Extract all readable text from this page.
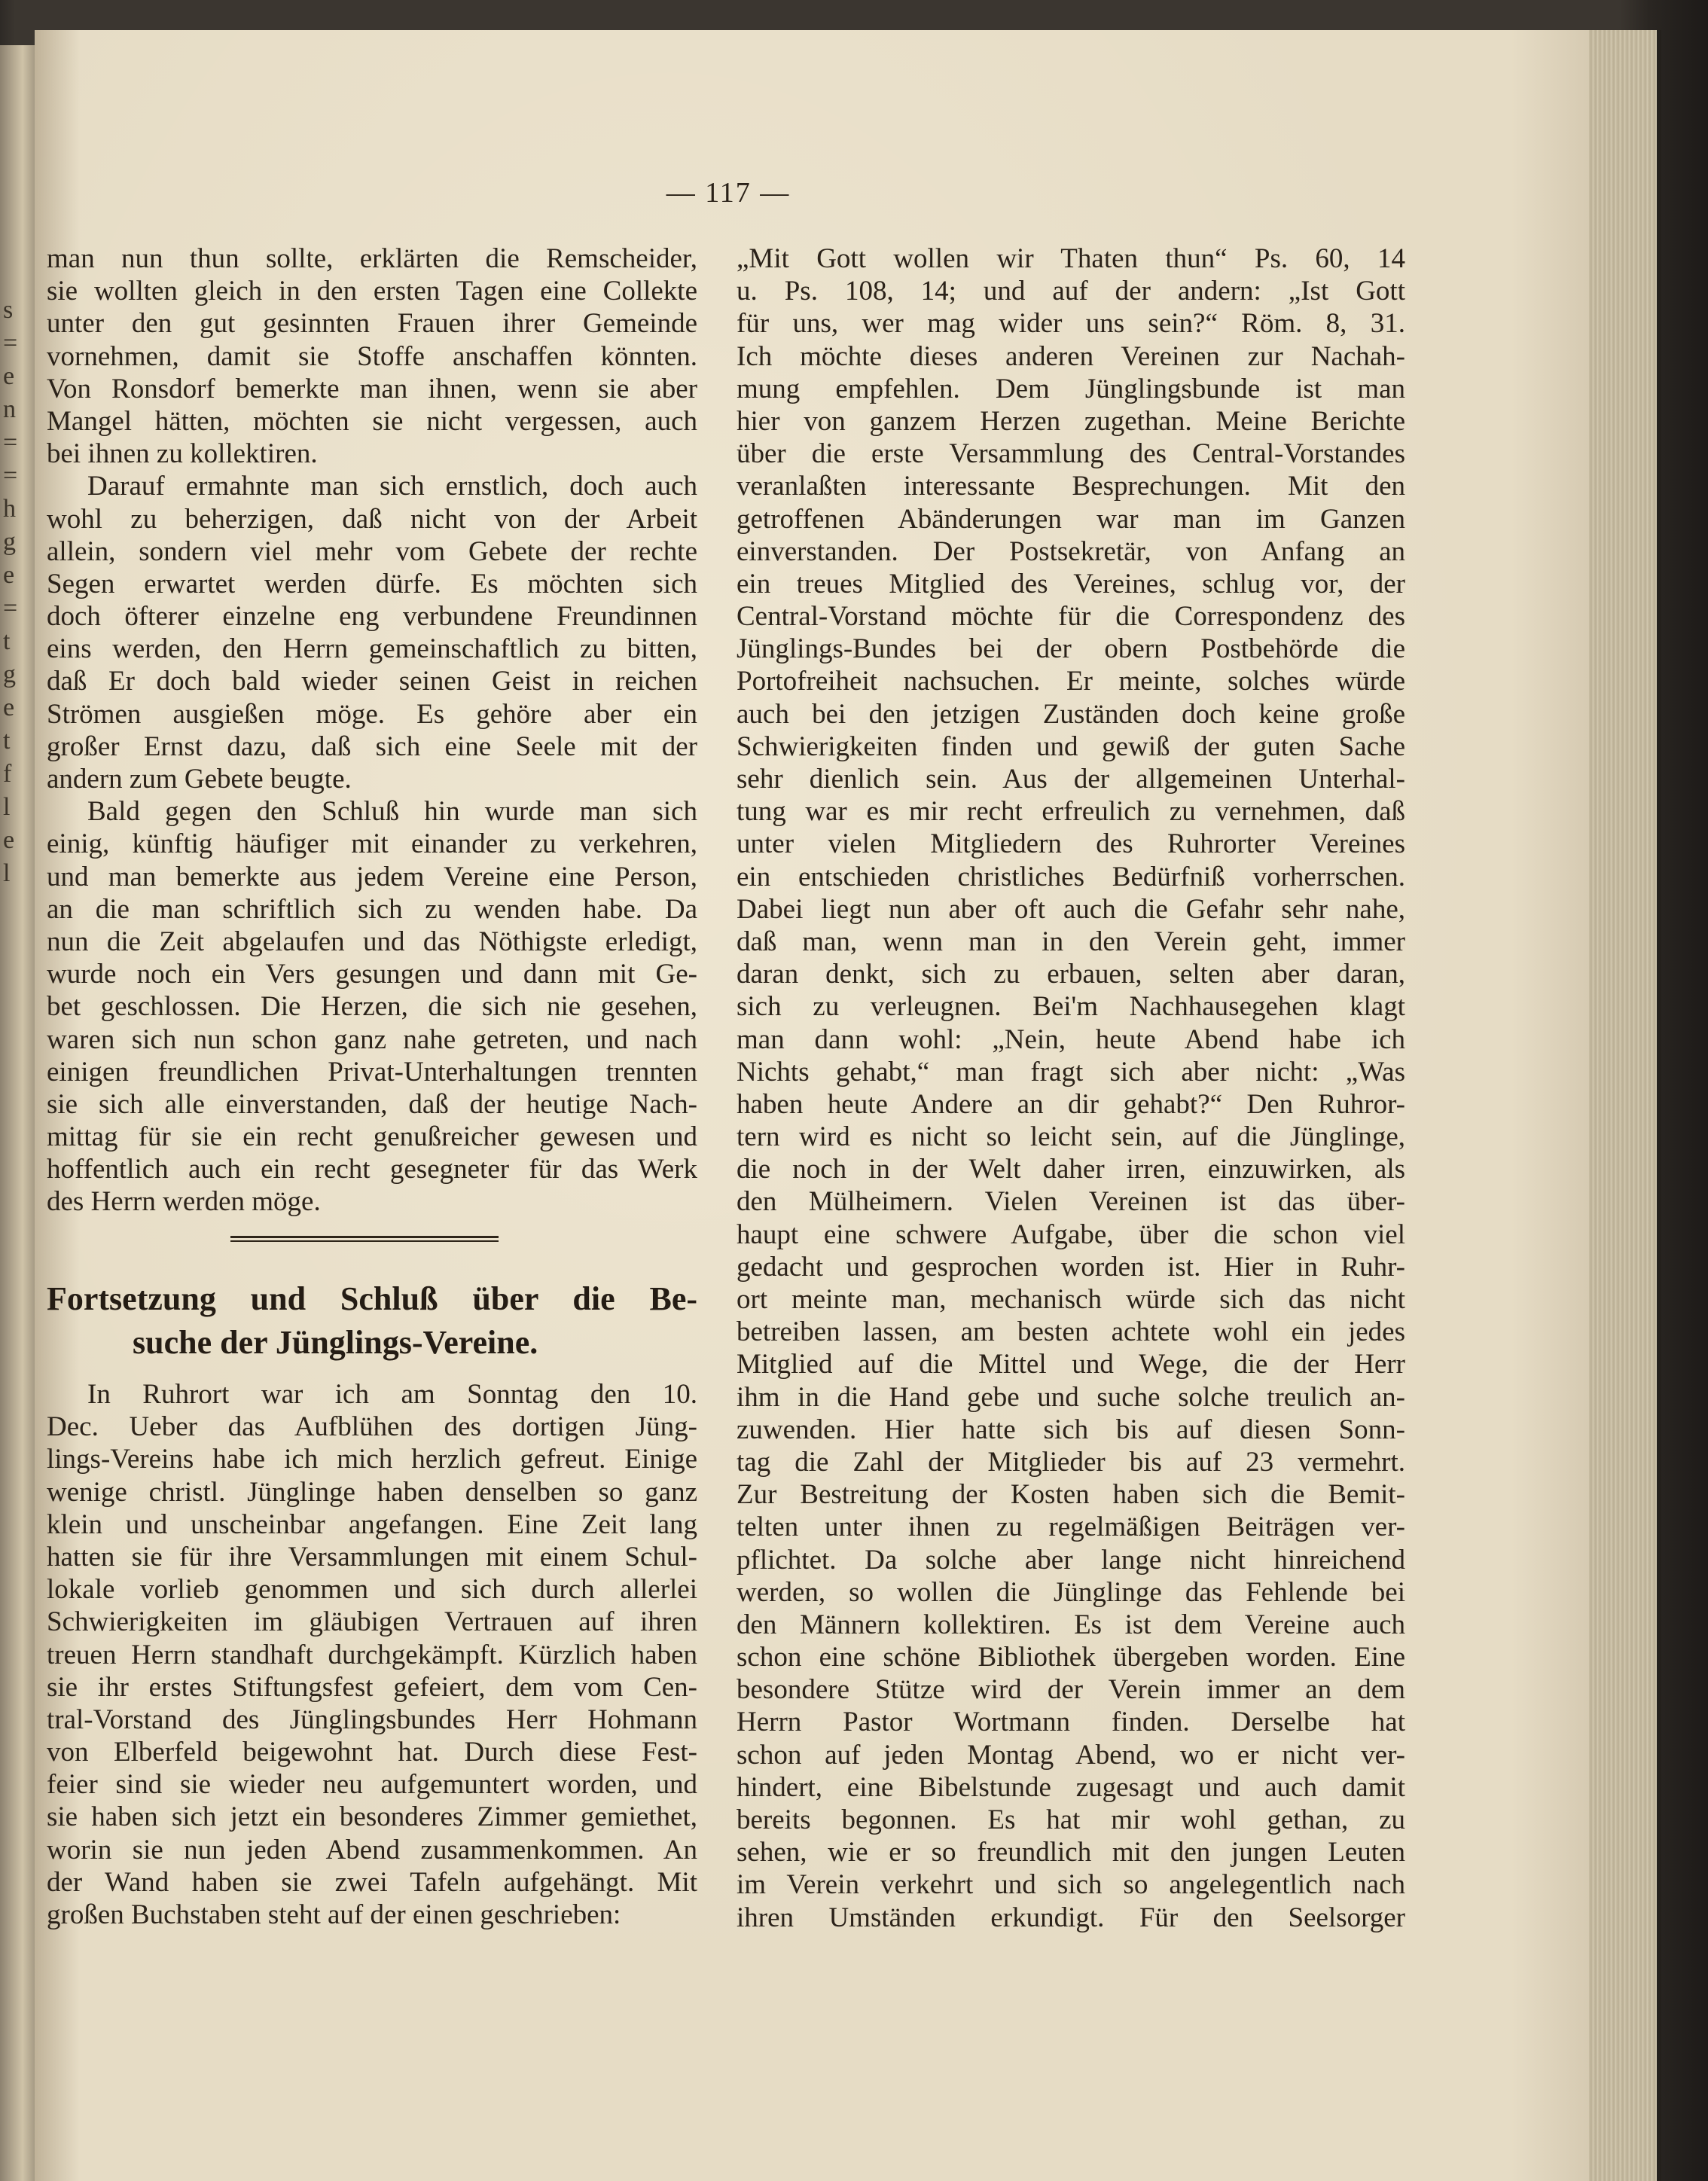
s
=
e
n
=
=
h
g
e
=
t
g
e
t
f
l
e
l
— 117 —
man nun thun sollte, erklärten die Remscheider,
sie wollten gleich in den ersten Tagen eine Collekte
unter den gut gesinnten Frauen ihrer Gemeinde
vornehmen, damit sie Stoffe anschaffen könnten.
Von Ronsdorf bemerkte man ihnen, wenn sie aber
Mangel hätten, möchten sie nicht vergessen, auch
bei ihnen zu kollektiren.
Darauf ermahnte man sich ernstlich, doch auch
wohl zu beherzigen, daß nicht von der Arbeit
allein, sondern viel mehr vom Gebete der rechte
Segen erwartet werden dürfe. Es möchten sich
doch öfterer einzelne eng verbundene Freundinnen
eins werden, den Herrn gemeinschaftlich zu bitten,
daß Er doch bald wieder seinen Geist in reichen
Strömen ausgießen möge. Es gehöre aber ein
großer Ernst dazu, daß sich eine Seele mit der
andern zum Gebete beugte.
Bald gegen den Schluß hin wurde man sich
einig, künftig häufiger mit einander zu verkehren,
und man bemerkte aus jedem Vereine eine Person,
an die man schriftlich sich zu wenden habe. Da
nun die Zeit abgelaufen und das Nöthigste erledigt,
wurde noch ein Vers gesungen und dann mit Ge-
bet geschlossen. Die Herzen, die sich nie gesehen,
waren sich nun schon ganz nahe getreten, und nach
einigen freundlichen Privat-Unterhaltungen trennten
sie sich alle einverstanden, daß der heutige Nach-
mittag für sie ein recht genußreicher gewesen und
hoffentlich auch ein recht gesegneter für das Werk
des Herrn werden möge.
Fortsetzung und Schluß über die Be-
suche der Jünglings-Vereine.
In Ruhrort war ich am Sonntag den 10.
Dec. Ueber das Aufblühen des dortigen Jüng-
lings-Vereins habe ich mich herzlich gefreut. Einige
wenige christl. Jünglinge haben denselben so ganz
klein und unscheinbar angefangen. Eine Zeit lang
hatten sie für ihre Versammlungen mit einem Schul-
lokale vorlieb genommen und sich durch allerlei
Schwierigkeiten im gläubigen Vertrauen auf ihren
treuen Herrn standhaft durchgekämpft. Kürzlich haben
sie ihr erstes Stiftungsfest gefeiert, dem vom Cen-
tral-Vorstand des Jünglingsbundes Herr Hohmann
von Elberfeld beigewohnt hat. Durch diese Fest-
feier sind sie wieder neu aufgemuntert worden, und
sie haben sich jetzt ein besonderes Zimmer gemiethet,
worin sie nun jeden Abend zusammenkommen. An
der Wand haben sie zwei Tafeln aufgehängt. Mit
großen Buchstaben steht auf der einen geschrieben:
„Mit Gott wollen wir Thaten thun“ Ps. 60, 14
u. Ps. 108, 14; und auf der andern: „Ist Gott
für uns, wer mag wider uns sein?“ Röm. 8, 31.
Ich möchte dieses anderen Vereinen zur Nachah-
mung empfehlen. Dem Jünglingsbunde ist man
hier von ganzem Herzen zugethan. Meine Berichte
über die erste Versammlung des Central-Vorstandes
veranlaßten interessante Besprechungen. Mit den
getroffenen Abänderungen war man im Ganzen
einverstanden. Der Postsekretär, von Anfang an
ein treues Mitglied des Vereines, schlug vor, der
Central-Vorstand möchte für die Correspondenz des
Jünglings-Bundes bei der obern Postbehörde die
Portofreiheit nachsuchen. Er meinte, solches würde
auch bei den jetzigen Zuständen doch keine große
Schwierigkeiten finden und gewiß der guten Sache
sehr dienlich sein. Aus der allgemeinen Unterhal-
tung war es mir recht erfreulich zu vernehmen, daß
unter vielen Mitgliedern des Ruhrorter Vereines
ein entschieden christliches Bedürfniß vorherrschen.
Dabei liegt nun aber oft auch die Gefahr sehr nahe,
daß man, wenn man in den Verein geht, immer
daran denkt, sich zu erbauen, selten aber daran,
sich zu verleugnen. Bei'm Nachhausegehen klagt
man dann wohl: „Nein, heute Abend habe ich
Nichts gehabt,“ man fragt sich aber nicht: „Was
haben heute Andere an dir gehabt?“ Den Ruhror-
tern wird es nicht so leicht sein, auf die Jünglinge,
die noch in der Welt daher irren, einzuwirken, als
den Mülheimern. Vielen Vereinen ist das über-
haupt eine schwere Aufgabe, über die schon viel
gedacht und gesprochen worden ist. Hier in Ruhr-
ort meinte man, mechanisch würde sich das nicht
betreiben lassen, am besten achtete wohl ein jedes
Mitglied auf die Mittel und Wege, die der Herr
ihm in die Hand gebe und suche solche treulich an-
zuwenden. Hier hatte sich bis auf diesen Sonn-
tag die Zahl der Mitglieder bis auf 23 vermehrt.
Zur Bestreitung der Kosten haben sich die Bemit-
telten unter ihnen zu regelmäßigen Beiträgen ver-
pflichtet. Da solche aber lange nicht hinreichend
werden, so wollen die Jünglinge das Fehlende bei
den Männern kollektiren. Es ist dem Vereine auch
schon eine schöne Bibliothek übergeben worden. Eine
besondere Stütze wird der Verein immer an dem
Herrn Pastor Wortmann finden. Derselbe hat
schon auf jeden Montag Abend, wo er nicht ver-
hindert, eine Bibelstunde zugesagt und auch damit
bereits begonnen. Es hat mir wohl gethan, zu
sehen, wie er so freundlich mit den jungen Leuten
im Verein verkehrt und sich so angelegentlich nach
ihren Umständen erkundigt. Für den Seelsorger
